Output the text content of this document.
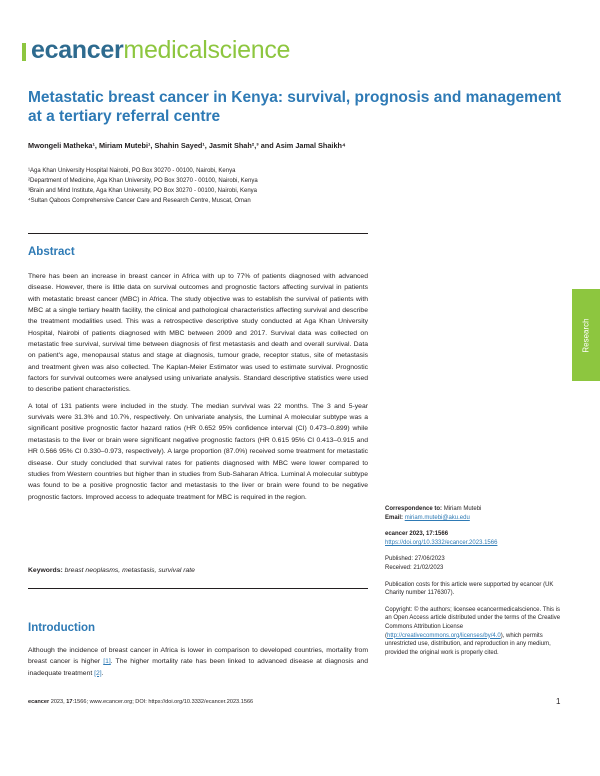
ecancer medicalscience
Metastatic breast cancer in Kenya: survival, prognosis and management at a tertiary referral centre
Mwongeli Matheka¹, Miriam Mutebi¹, Shahin Sayed¹, Jasmit Shah²,³ and Asim Jamal Shaikh⁴
¹Aga Khan University Hospital Nairobi, PO Box 30270 - 00100, Nairobi, Kenya
²Department of Medicine, Aga Khan University, PO Box 30270 - 00100, Nairobi, Kenya
³Brain and Mind Institute, Aga Khan University, PO Box 30270 - 00100, Nairobi, Kenya
⁴Sultan Qaboos Comprehensive Cancer Care and Research Centre, Muscat, Oman
Abstract

There has been an increase in breast cancer in Africa with up to 77% of patients diagnosed with advanced disease. However, there is little data on survival outcomes and prognostic factors affecting survival in patients with metastatic breast cancer (MBC) in Africa. The study objective was to establish the survival of patients with MBC at a single tertiary health facility, the clinical and pathological characteristics affecting survival and describe the treatment modalities used. This was a retrospective descriptive study conducted at Aga Khan University Hospital, Nairobi of patients diagnosed with MBC between 2009 and 2017. Survival data was collected on metastatic free survival, survival time between diagnosis of first metastasis and death and overall survival. Data on patient's age, menopausal status and stage at diagnosis, tumour grade, receptor status, site of metastasis and treatment given was also collected. The Kaplan-Meier Estimator was used to estimate survival. Prognostic factors for survival outcomes were analysed using univariate analysis. Standard descriptive statistics were used to describe patient characteristics.

A total of 131 patients were included in the study. The median survival was 22 months. The 3 and 5-year survivals were 31.3% and 10.7%, respectively. On univariate analysis, the Luminal A molecular subtype was a significant positive prognostic factor hazard ratios (HR 0.652 95% confidence interval (CI) 0.473–0.899) while metastasis to the liver or brain were significant negative prognostic factors (HR 0.615 95% CI 0.413–0.915 and HR 0.566 95% CI 0.330–0.973, respectively). A large proportion (87.0%) received some treatment for metastatic disease. Our study concluded that survival rates for patients diagnosed with MBC were lower compared to studies from Western countries but higher than in studies from Sub-Saharan Africa. Luminal A molecular subtype was found to be a positive prognostic factor and metastasis to the liver or brain were found to be negative prognostic factors. Improved access to adequate treatment for MBC is required in the region.

Keywords: breast neoplasms, metastasis, survival rate
Introduction
Although the incidence of breast cancer in Africa is lower in comparison to developed countries, mortality from breast cancer is higher [1]. The higher mortality rate has been linked to advanced disease at diagnosis and inadequate treatment [2].
Research
Correspondence to: Miriam Mutebi
Email: miriam.mutebi@aku.edu
ecancer 2023, 17:1566
https://doi.org/10.3332/ecancer.2023.1566
Published: 27/06/2023
Received: 21/02/2023
Publication costs for this article were supported by ecancer (UK Charity number 1176307).
Copyright: © the authors; licensee ecancermedicalscience. This is an Open Access article distributed under the terms of the Creative Commons Attribution License (http://creativecommons.org/licenses/by/4.0), which permits unrestricted use, distribution, and reproduction in any medium, provided the original work is properly cited.
ecancer 2023, 17:1566; www.ecancer.org; DOI: https://doi.org/10.3332/ecancer.2023.1566	1
